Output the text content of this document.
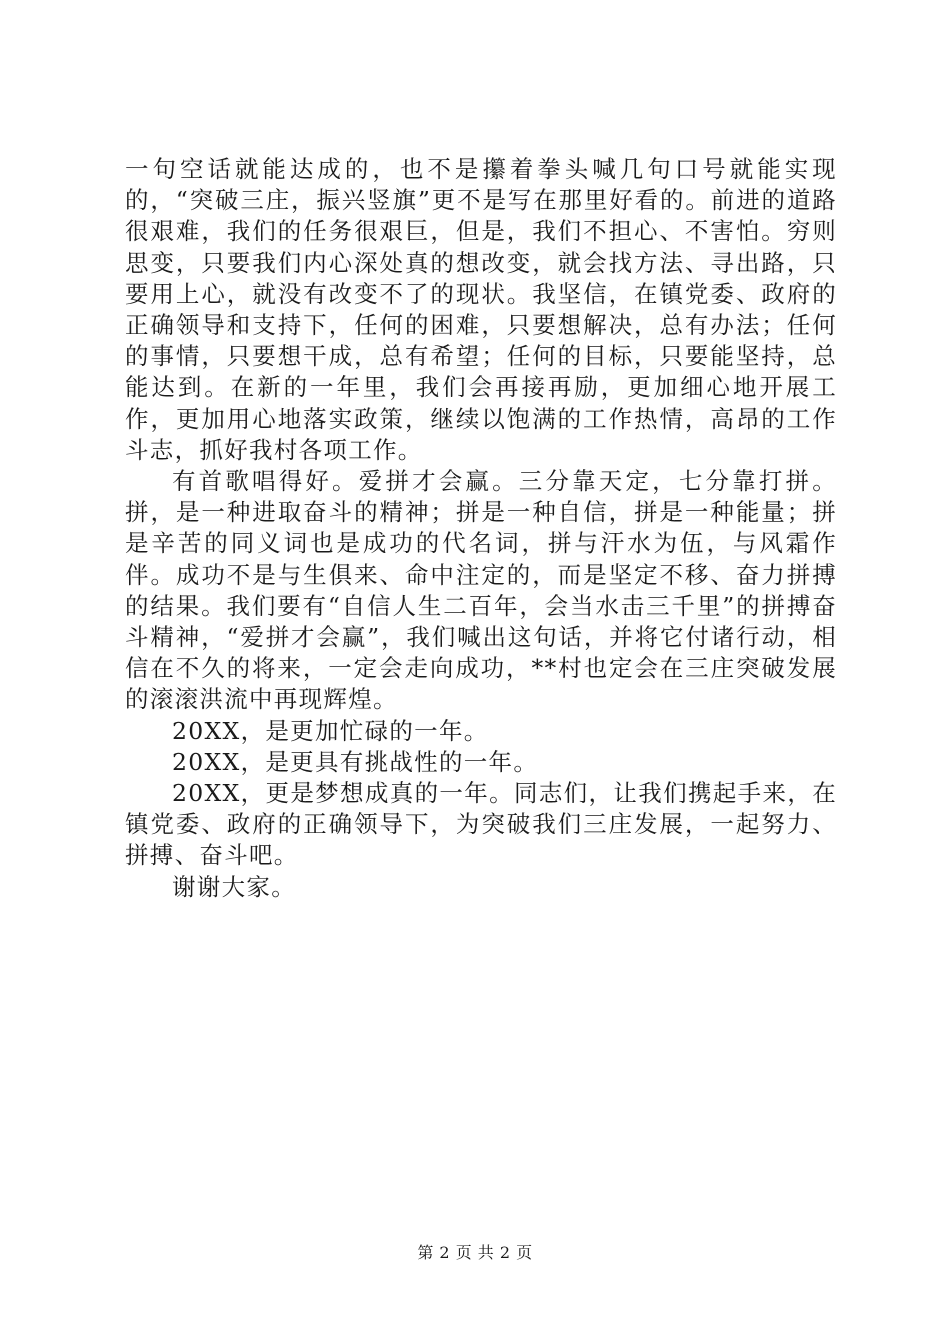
一句空话就能达成的，也不是攥着拳头喊几句口号就能实现的，“突破三庄，振兴竖旗”更不是写在那里好看的。前进的道路很艰难，我们的任务很艰巨，但是，我们不担心、不害怕。穷则思变，只要我们内心深处真的想改变，就会找方法、寻出路，只要用上心，就没有改变不了的现状。我坚信，在镇党委、政府的正确领导和支持下，任何的困难，只要想解决，总有办法；任何的事情，只要想干成，总有希望；任何的目标，只要能坚持，总能达到。在新的一年里，我们会再接再励，更加细心地开展工作，更加用心地落实政策，继续以饱满的工作热情，高昂的工作斗志，抓好我村各项工作。

有首歌唱得好。爱拼才会赢。三分靠天定，七分靠打拼。拼，是一种进取奋斗的精神；拼是一种自信，拼是一种能量；拼是辛苦的同义词也是成功的代名词，拼与汗水为伍，与风霜作伴。成功不是与生俱来、命中注定的，而是坚定不移、奋力拼搏的结果。我们要有“自信人生二百年，会当水击三千里”的拼搏奋斗精神，“爱拼才会赢”，我们喊出这句话，并将它付诸行动，相信在不久的将来，一定会走向成功，**村也定会在三庄突破发展的滚滚洪流中再现辉煌。

20XX，是更加忙碌的一年。

20XX，是更具有挑战性的一年。

20XX，更是梦想成真的一年。同志们，让我们携起手来，在镇党委、政府的正确领导下，为突破我们三庄发展，一起努力、拼搏、奋斗吧。

谢谢大家。

第 2 页 共 2 页
